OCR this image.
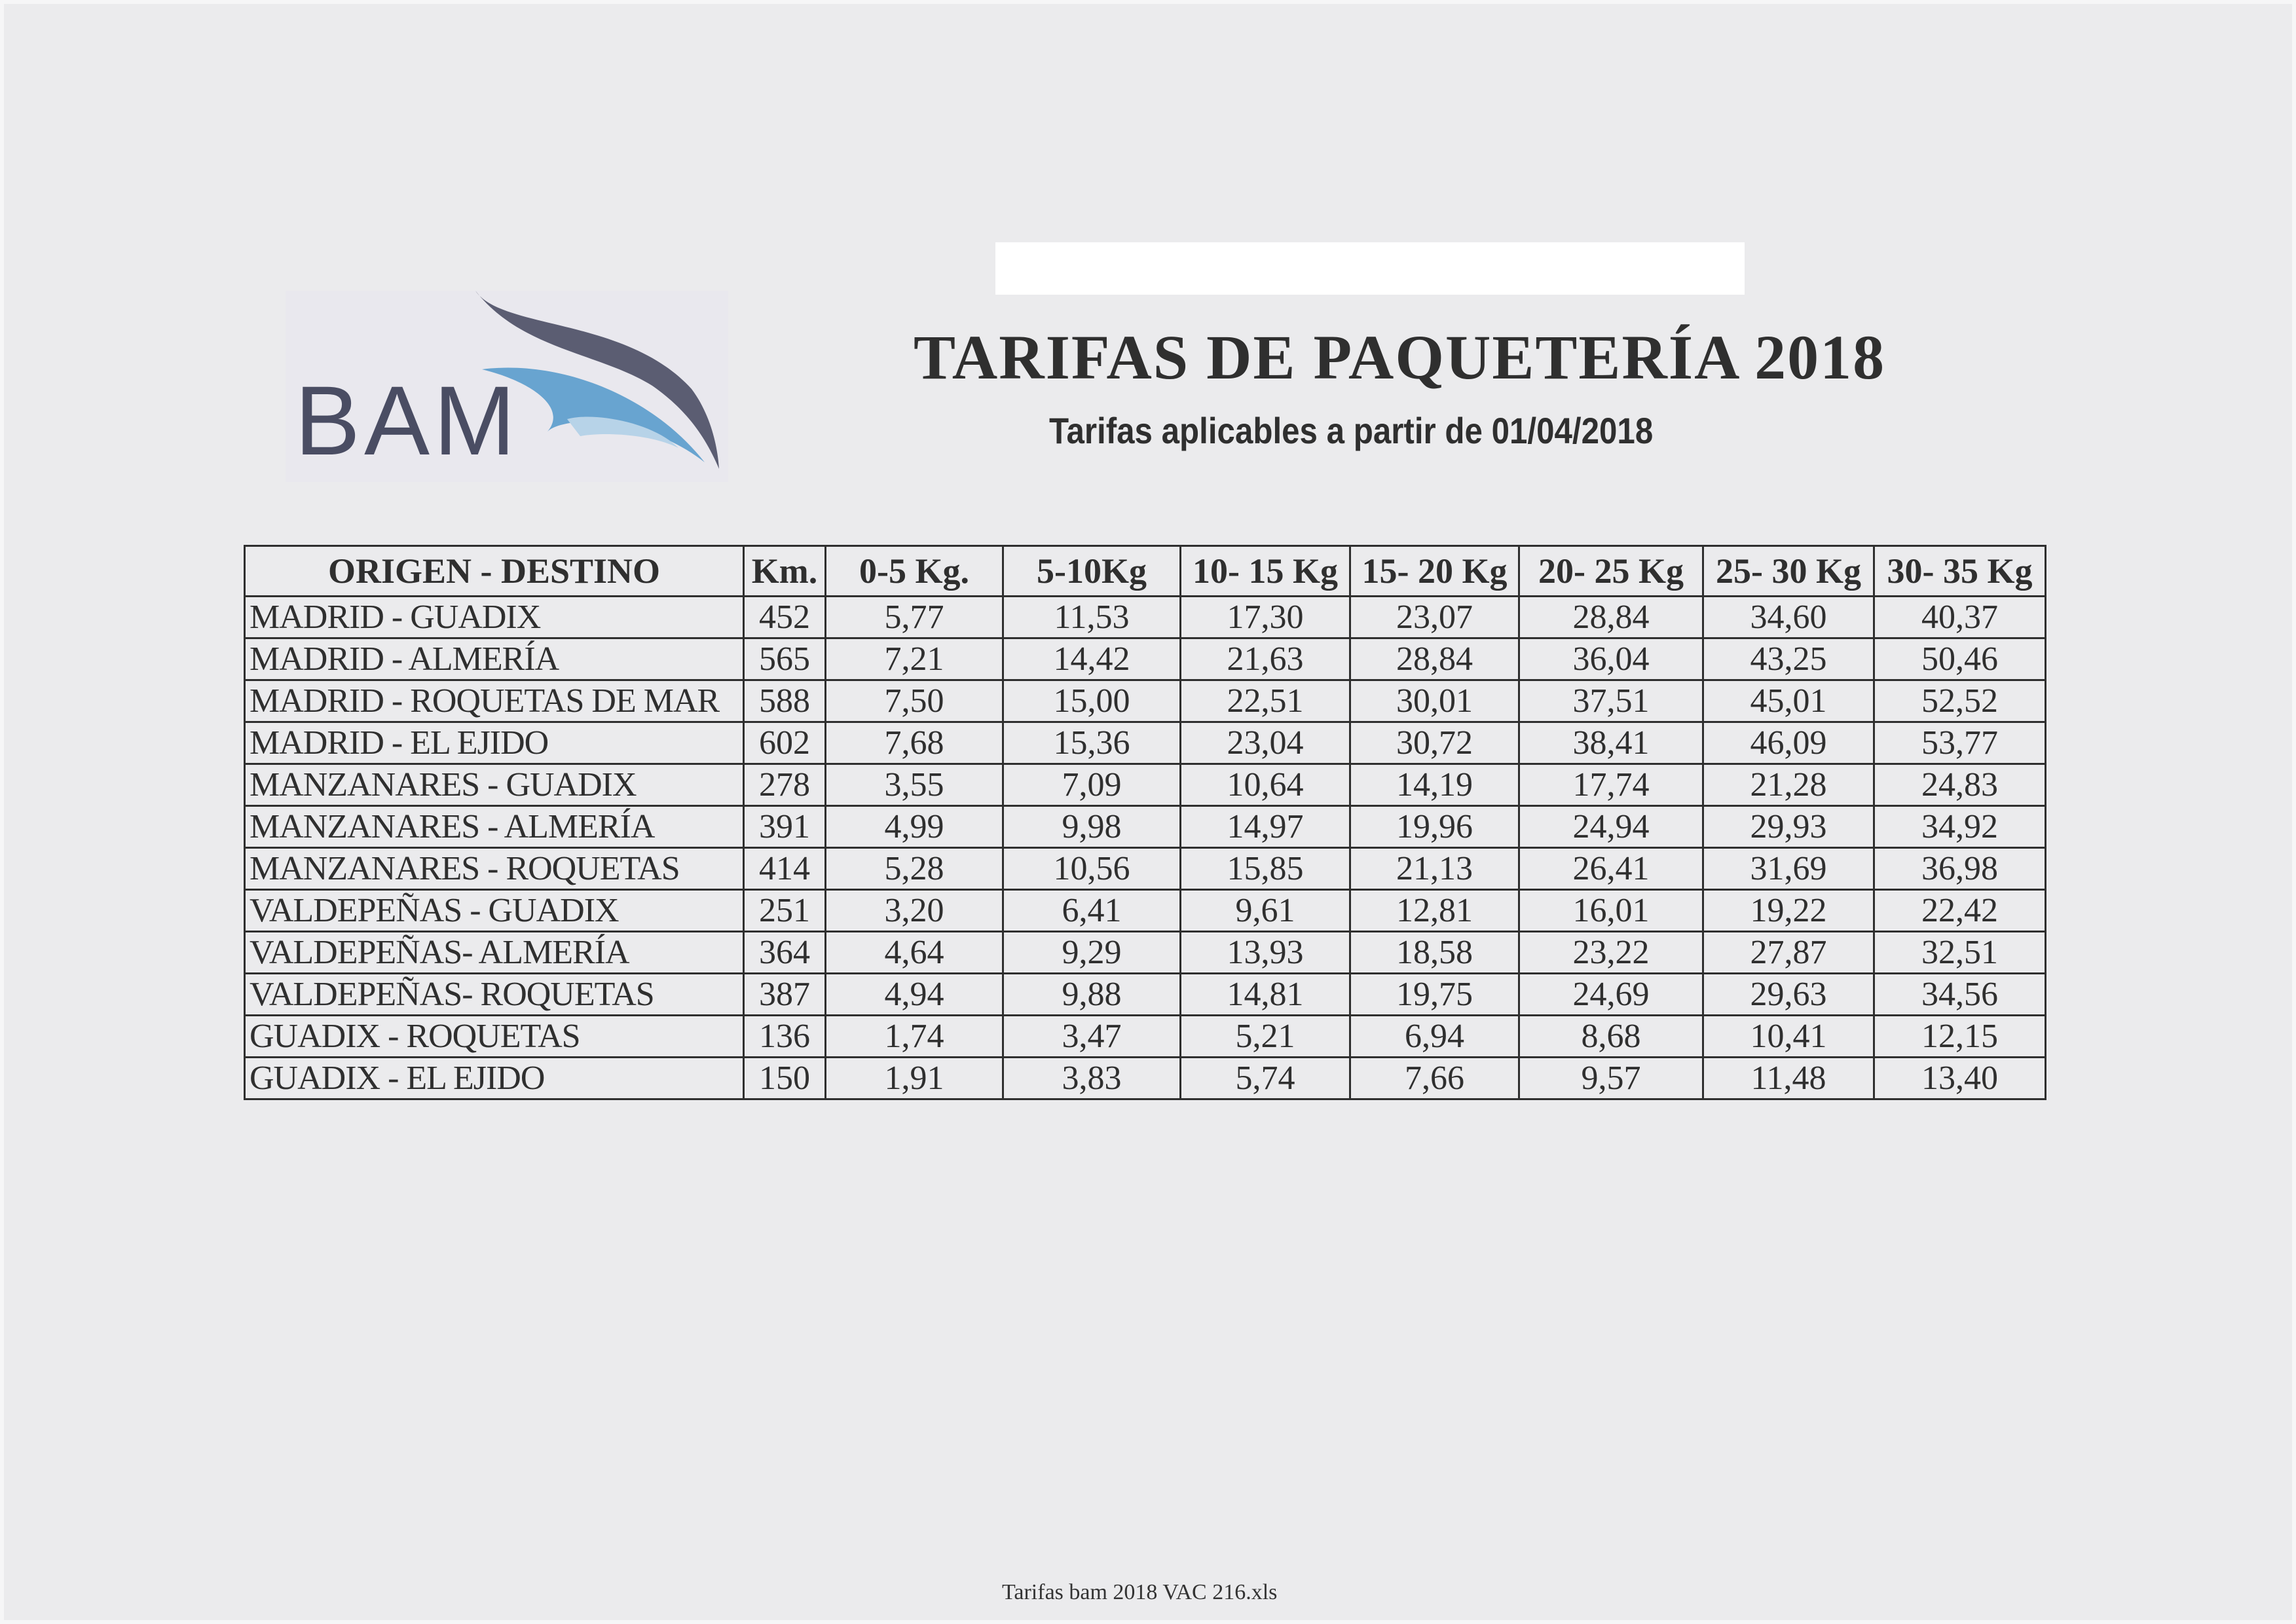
BAM
TARIFAS DE PAQUETERÍA 2018
Tarifas aplicables a partir de 01/04/2018
ORIGEN - DESTINO	Km.	0-5 Kg.	5-10Kg	10- 15 Kg	15- 20 Kg	20- 25 Kg	25- 30 Kg	30- 35 Kg
MADRID - GUADIX	452	5,77	11,53	17,30	23,07	28,84	34,60	40,37
MADRID - ALMERÍA	565	7,21	14,42	21,63	28,84	36,04	43,25	50,46
MADRID - ROQUETAS DE MAR	588	7,50	15,00	22,51	30,01	37,51	45,01	52,52
MADRID - EL EJIDO	602	7,68	15,36	23,04	30,72	38,41	46,09	53,77
MANZANARES - GUADIX	278	3,55	7,09	10,64	14,19	17,74	21,28	24,83
MANZANARES - ALMERÍA	391	4,99	9,98	14,97	19,96	24,94	29,93	34,92
MANZANARES - ROQUETAS	414	5,28	10,56	15,85	21,13	26,41	31,69	36,98
VALDEPEÑAS - GUADIX	251	3,20	6,41	9,61	12,81	16,01	19,22	22,42
VALDEPEÑAS- ALMERÍA	364	4,64	9,29	13,93	18,58	23,22	27,87	32,51
VALDEPEÑAS- ROQUETAS	387	4,94	9,88	14,81	19,75	24,69	29,63	34,56
GUADIX - ROQUETAS	136	1,74	3,47	5,21	6,94	8,68	10,41	12,15
GUADIX - EL EJIDO	150	1,91	3,83	5,74	7,66	9,57	11,48	13,40
Tarifas bam 2018 VAC 216.xls
